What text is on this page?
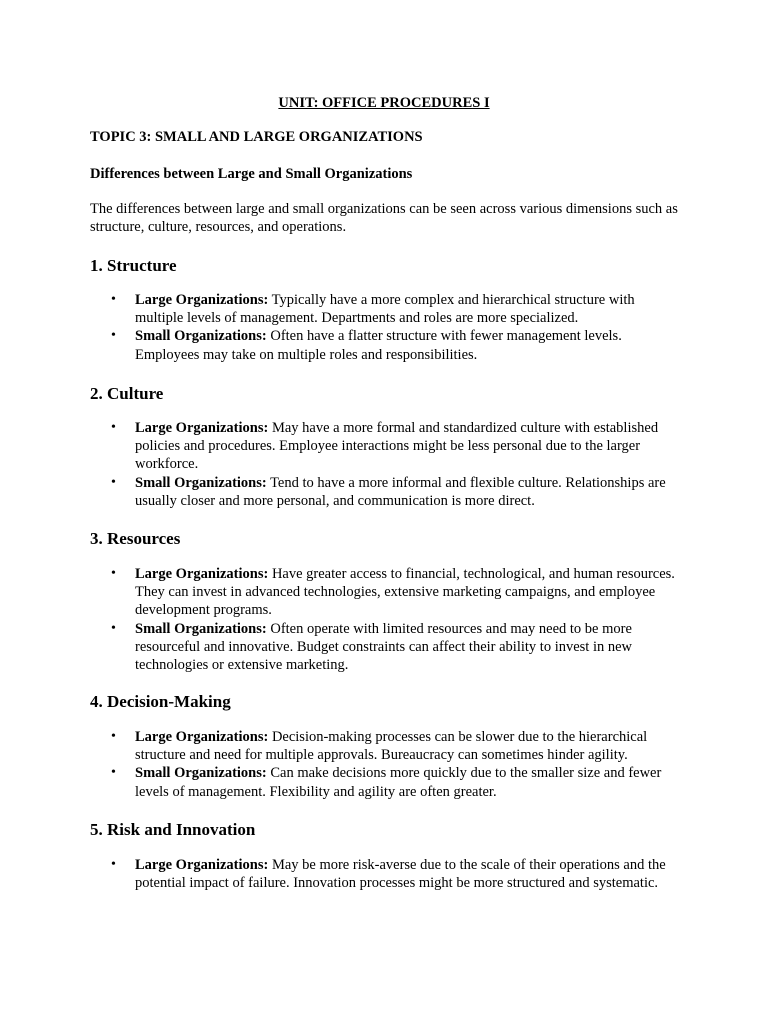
UNIT: OFFICE PROCEDURES I

TOPIC 3: SMALL AND LARGE ORGANIZATIONS

Differences between Large and Small Organizations

The differences between large and small organizations can be seen across various dimensions such as structure, culture, resources, and operations.

1. Structure
• Large Organizations: Typically have a more complex and hierarchical structure with multiple levels of management. Departments and roles are more specialized.
• Small Organizations: Often have a flatter structure with fewer management levels. Employees may take on multiple roles and responsibilities.
2. Culture
• Large Organizations: May have a more formal and standardized culture with established policies and procedures. Employee interactions might be less personal due to the larger workforce.
• Small Organizations: Tend to have a more informal and flexible culture. Relationships are usually closer and more personal, and communication is more direct.
3. Resources
• Large Organizations: Have greater access to financial, technological, and human resources. They can invest in advanced technologies, extensive marketing campaigns, and employee development programs.
• Small Organizations: Often operate with limited resources and may need to be more resourceful and innovative. Budget constraints can affect their ability to invest in new technologies or extensive marketing.
4. Decision-Making
• Large Organizations: Decision-making processes can be slower due to the hierarchical structure and need for multiple approvals. Bureaucracy can sometimes hinder agility.
• Small Organizations: Can make decisions more quickly due to the smaller size and fewer levels of management. Flexibility and agility are often greater.
5. Risk and Innovation
• Large Organizations: May be more risk-averse due to the scale of their operations and the potential impact of failure. Innovation processes might be more structured and systematic.
